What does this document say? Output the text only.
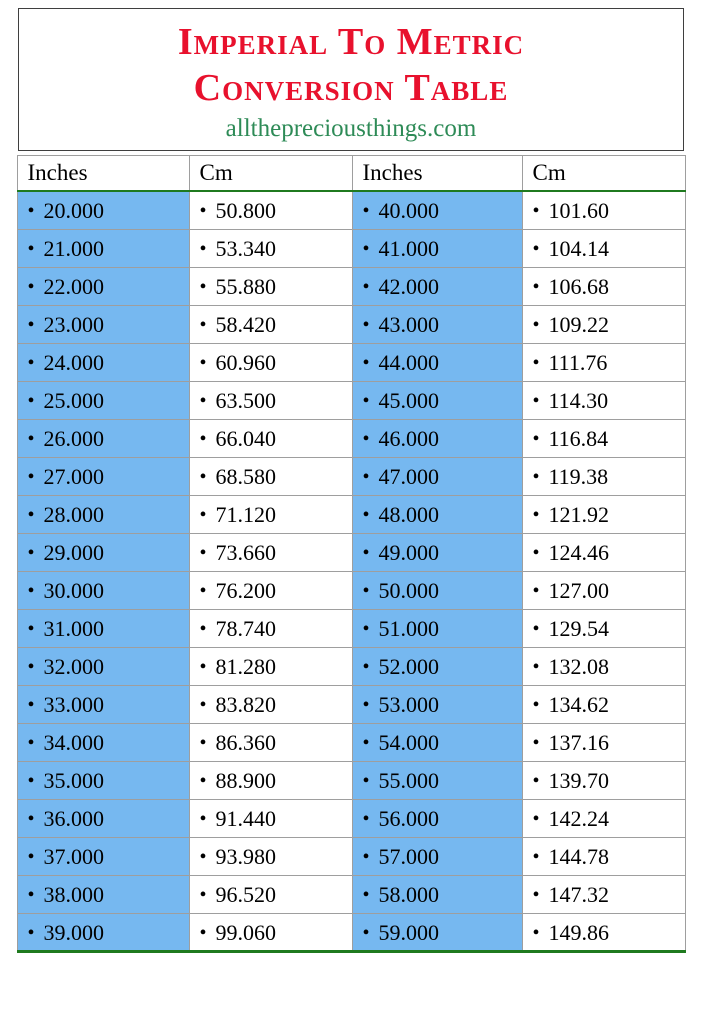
Imperial To Metric
Conversion Table
allthepreciousthings.com
Inches	Cm	Inches	Cm
• 20.000	• 50.800	• 40.000	• 101.60
• 21.000	• 53.340	• 41.000	• 104.14
• 22.000	• 55.880	• 42.000	• 106.68
• 23.000	• 58.420	• 43.000	• 109.22
• 24.000	• 60.960	• 44.000	• 111.76
• 25.000	• 63.500	• 45.000	• 114.30
• 26.000	• 66.040	• 46.000	• 116.84
• 27.000	• 68.580	• 47.000	• 119.38
• 28.000	• 71.120	• 48.000	• 121.92
• 29.000	• 73.660	• 49.000	• 124.46
• 30.000	• 76.200	• 50.000	• 127.00
• 31.000	• 78.740	• 51.000	• 129.54
• 32.000	• 81.280	• 52.000	• 132.08
• 33.000	• 83.820	• 53.000	• 134.62
• 34.000	• 86.360	• 54.000	• 137.16
• 35.000	• 88.900	• 55.000	• 139.70
• 36.000	• 91.440	• 56.000	• 142.24
• 37.000	• 93.980	• 57.000	• 144.78
• 38.000	• 96.520	• 58.000	• 147.32
• 39.000	• 99.060	• 59.000	• 149.86
